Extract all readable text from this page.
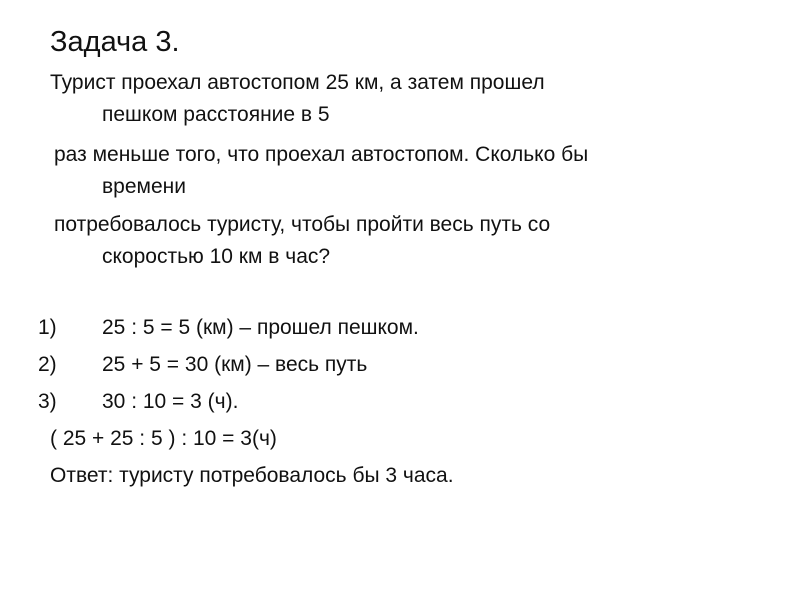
Задача 3.
Турист проехал автостопом 25 км, а затем прошел
пешком расстояние в 5
раз меньше того, что проехал автостопом. Сколько бы
времени
потребовалось туристу, чтобы пройти весь путь со
скоростью 10 км в час?
1) 25 : 5 = 5 (км) – прошел пешком.
2) 25 + 5 = 30 (км) – весь путь
3) 30 : 10 = 3 (ч).
( 25 + 25 : 5 ) : 10 = 3(ч)
Ответ: туристу потребовалось бы 3 часа.
